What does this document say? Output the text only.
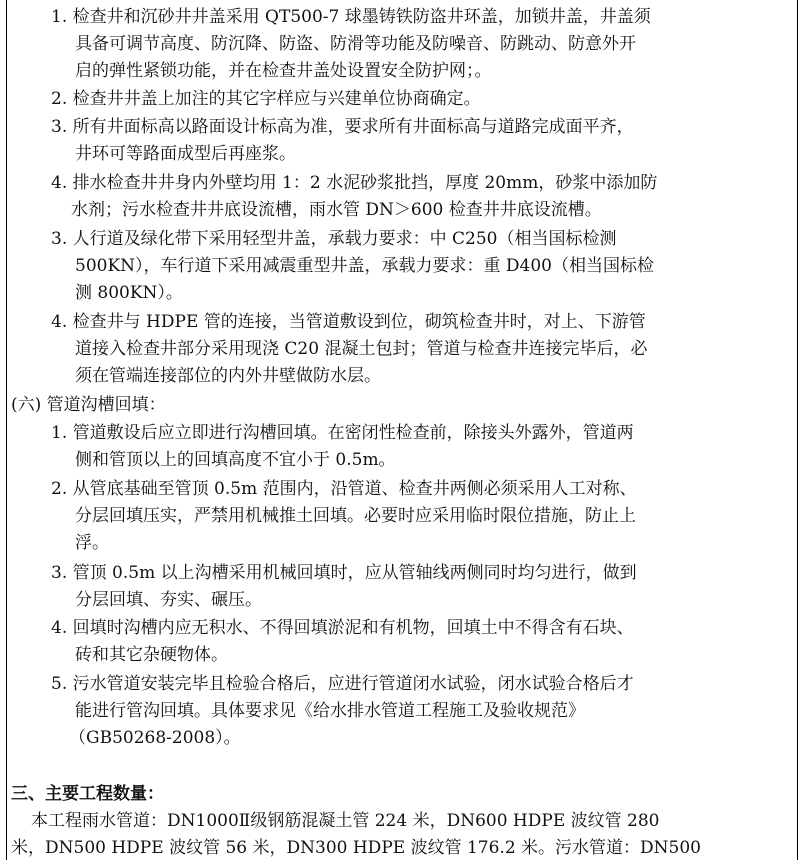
1. 检查井和沉砂井井盖采用 QT500-7 球墨铸铁防盗井环盖，加锁井盖，井盖须
具备可调节高度、防沉降、防盗、防滑等功能及防噪音、防跳动、防意外开
启的弹性紧锁功能，并在检查井盖处设置安全防护网；。
2. 检查井井盖上加注的其它字样应与兴建单位协商确定。
3. 所有井面标高以路面设计标高为准，要求所有井面标高与道路完成面平齐，
井环可等路面成型后再座浆。
4. 排水检查井井身内外壁均用 1：2 水泥砂浆批挡，厚度 20mm，砂浆中添加防
水剂；污水检查井井底设流槽，雨水管 DN＞600 检查井井底设流槽。
3. 人行道及绿化带下采用轻型井盖，承载力要求：中 C250（相当国标检测
500KN），车行道下采用减震重型井盖，承载力要求：重 D400（相当国标检
测 800KN）。
4. 检查井与 HDPE 管的连接，当管道敷设到位，砌筑检查井时，对上、下游管
道接入检查井部分采用现浇 C20 混凝土包封；管道与检查井连接完毕后，必
须在管端连接部位的内外井壁做防水层。
(六) 管道沟槽回填：
1. 管道敷设后应立即进行沟槽回填。在密闭性检查前，除接头外露外，管道两
侧和管顶以上的回填高度不宜小于 0.5m。
2. 从管底基础至管顶 0.5m 范围内，沿管道、检查井两侧必须采用人工对称、
分层回填压实，严禁用机械推土回填。必要时应采用临时限位措施，防止上
浮。
3. 管顶 0.5m 以上沟槽采用机械回填时，应从管轴线两侧同时均匀进行，做到
分层回填、夯实、碾压。
4. 回填时沟槽内应无积水、不得回填淤泥和有机物，回填土中不得含有石块、
砖和其它杂硬物体。
5. 污水管道安装完毕且检验合格后，应进行管道闭水试验，闭水试验合格后才
能进行管沟回填。具体要求见《给水排水管道工程施工及验收规范》
（GB50268-2008）。
三、主要工程数量：
本工程雨水管道：DN1000Ⅱ级钢筋混凝土管 224 米，DN600 HDPE 波纹管 280
米，DN500 HDPE 波纹管 56 米，DN300 HDPE 波纹管 176.2 米。污水管道：DN500
